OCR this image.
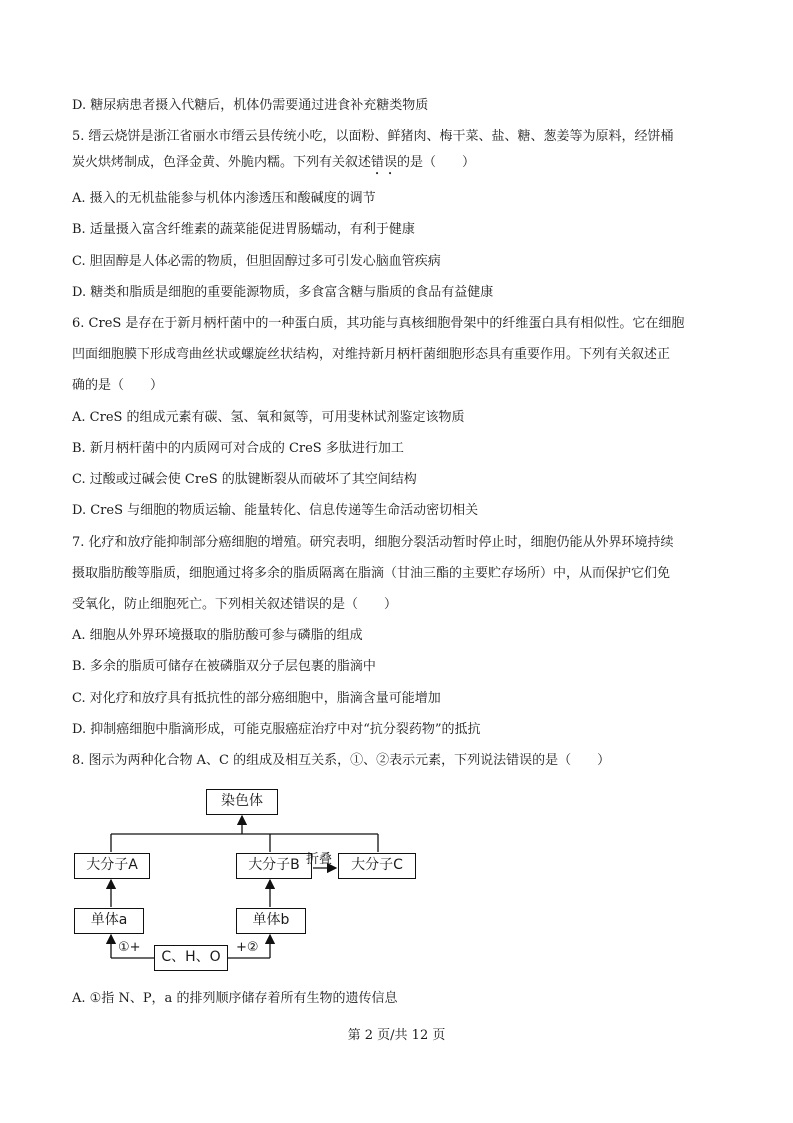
D. 糖尿病患者摄入代糖后，机体仍需要通过进食补充糖类物质
5. 缙云烧饼是浙江省丽水市缙云县传统小吃，以面粉、鲜猪肉、梅干菜、盐、糖、葱姜等为原料，经饼桶
炭火烘烤制成，色泽金黄、外脆内糯。下列有关叙述错误的是（　　）
A. 摄入的无机盐能参与机体内渗透压和酸碱度的调节
B. 适量摄入富含纤维素的蔬菜能促进胃肠蠕动，有利于健康
C. 胆固醇是人体必需的物质，但胆固醇过多可引发心脑血管疾病
D. 糖类和脂质是细胞的重要能源物质，多食富含糖与脂质的食品有益健康
6. CreS 是存在于新月柄杆菌中的一种蛋白质，其功能与真核细胞骨架中的纤维蛋白具有相似性。它在细胞
凹面细胞膜下形成弯曲丝状或螺旋丝状结构，对维持新月柄杆菌细胞形态具有重要作用。下列有关叙述正
确的是（　　）
A. CreS 的组成元素有碳、氢、氧和氮等，可用斐林试剂鉴定该物质
B. 新月柄杆菌中的内质网可对合成的 CreS 多肽进行加工
C. 过酸或过碱会使 CreS 的肽键断裂从而破坏了其空间结构
D. CreS 与细胞的物质运输、能量转化、信息传递等生命活动密切相关
7. 化疗和放疗能抑制部分癌细胞的增殖。研究表明，细胞分裂活动暂时停止时，细胞仍能从外界环境持续
摄取脂肪酸等脂质，细胞通过将多余的脂质隔离在脂滴（甘油三酯的主要贮存场所）中，从而保护它们免
受氧化，防止细胞死亡。下列相关叙述错误的是（　　）
A. 细胞从外界环境摄取的脂肪酸可参与磷脂的组成
B. 多余的脂质可储存在被磷脂双分子层包裹的脂滴中
C. 对化疗和放疗具有抵抗性的部分癌细胞中，脂滴含量可能增加
D. 抑制癌细胞中脂滴形成，可能克服癌症治疗中对“抗分裂药物”的抵抗
8. 图示为两种化合物 A、C 的组成及相互关系，①、②表示元素，下列说法错误的是（　　）
染色体
大分子A	大分子B	大分子C
单体a	单体b
C、H、O
折叠
①+	+②
A. ①指 N、P，a 的排列顺序储存着所有生物的遗传信息
第 2 页/共 12 页
